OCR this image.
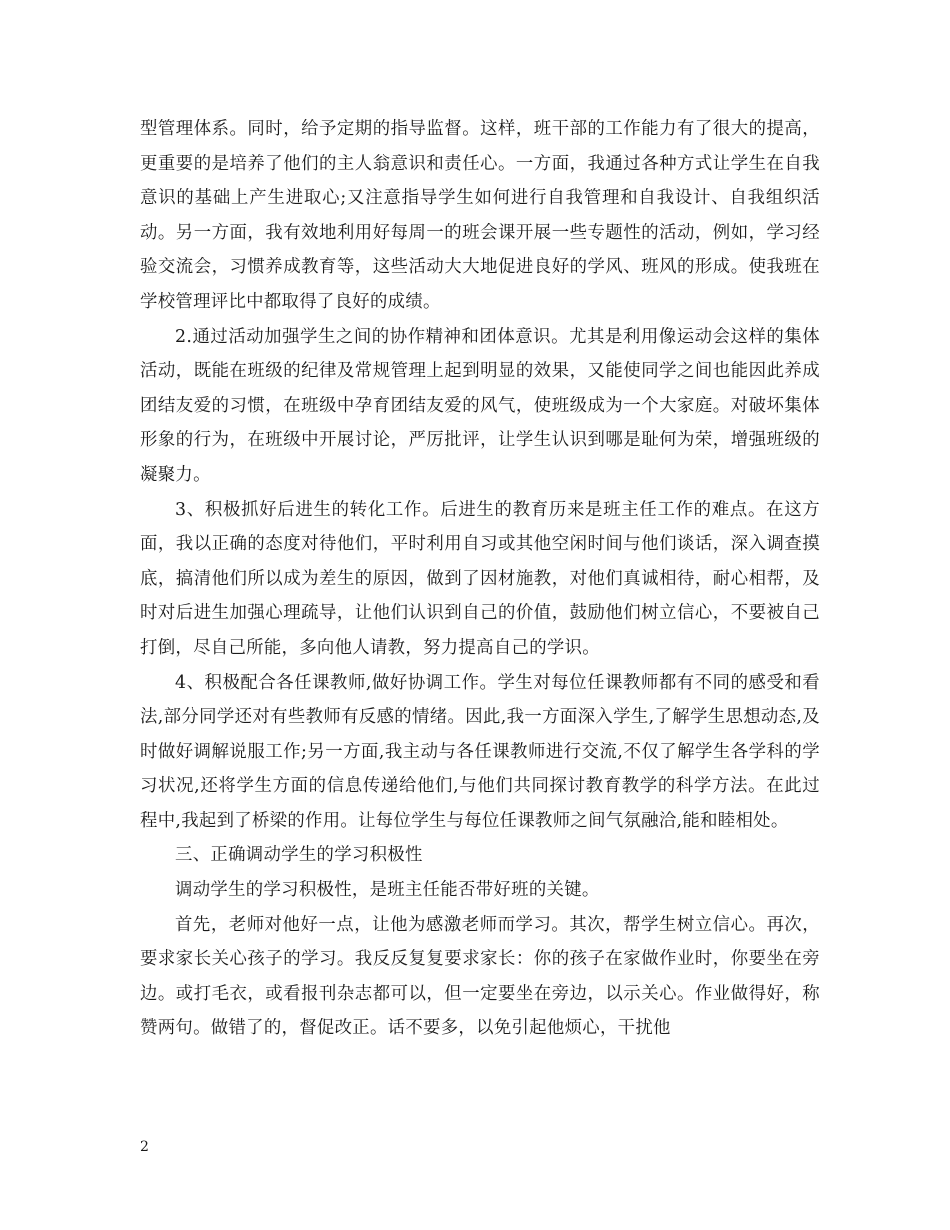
型管理体系。同时，给予定期的指导监督。这样，班干部的工作能力有了很大的提高，更重要的是培养了他们的主人翁意识和责任心。一方面，我通过各种方式让学生在自我意识的基础上产生进取心;又注意指导学生如何进行自我管理和自我设计、自我组织活动。另一方面，我有效地利用好每周一的班会课开展一些专题性的活动，例如，学习经验交流会，习惯养成教育等，这些活动大大地促进良好的学风、班风的形成。使我班在学校管理评比中都取得了良好的成绩。

2.通过活动加强学生之间的协作精神和团体意识。尤其是利用像运动会这样的集体活动，既能在班级的纪律及常规管理上起到明显的效果，又能使同学之间也能因此养成团结友爱的习惯，在班级中孕育团结友爱的风气，使班级成为一个大家庭。对破坏集体形象的行为，在班级中开展讨论，严厉批评，让学生认识到哪是耻何为荣，增强班级的凝聚力。

3、积极抓好后进生的转化工作。后进生的教育历来是班主任工作的难点。在这方面，我以正确的态度对待他们，平时利用自习或其他空闲时间与他们谈话，深入调查摸底，搞清他们所以成为差生的原因，做到了因材施教，对他们真诚相待，耐心相帮，及时对后进生加强心理疏导，让他们认识到自己的价值，鼓励他们树立信心，不要被自己打倒，尽自己所能，多向他人请教，努力提高自己的学识。

4、积极配合各任课教师,做好协调工作。学生对每位任课教师都有不同的感受和看法,部分同学还对有些教师有反感的情绪。因此,我一方面深入学生,了解学生思想动态,及时做好调解说服工作;另一方面,我主动与各任课教师进行交流,不仅了解学生各学科的学习状况,还将学生方面的信息传递给他们,与他们共同探讨教育教学的科学方法。在此过程中,我起到了桥梁的作用。让每位学生与每位任课教师之间气氛融洽,能和睦相处。

三、正确调动学生的学习积极性

调动学生的学习积极性，是班主任能否带好班的关键。

首先，老师对他好一点，让他为感激老师而学习。其次，帮学生树立信心。再次，要求家长关心孩子的学习。我反反复复要求家长：你的孩子在家做作业时，你要坐在旁边。或打毛衣，或看报刊杂志都可以，但一定要坐在旁边，以示关心。作业做得好，称赞两句。做错了的，督促改正。话不要多，以免引起他烦心，干扰他

2
